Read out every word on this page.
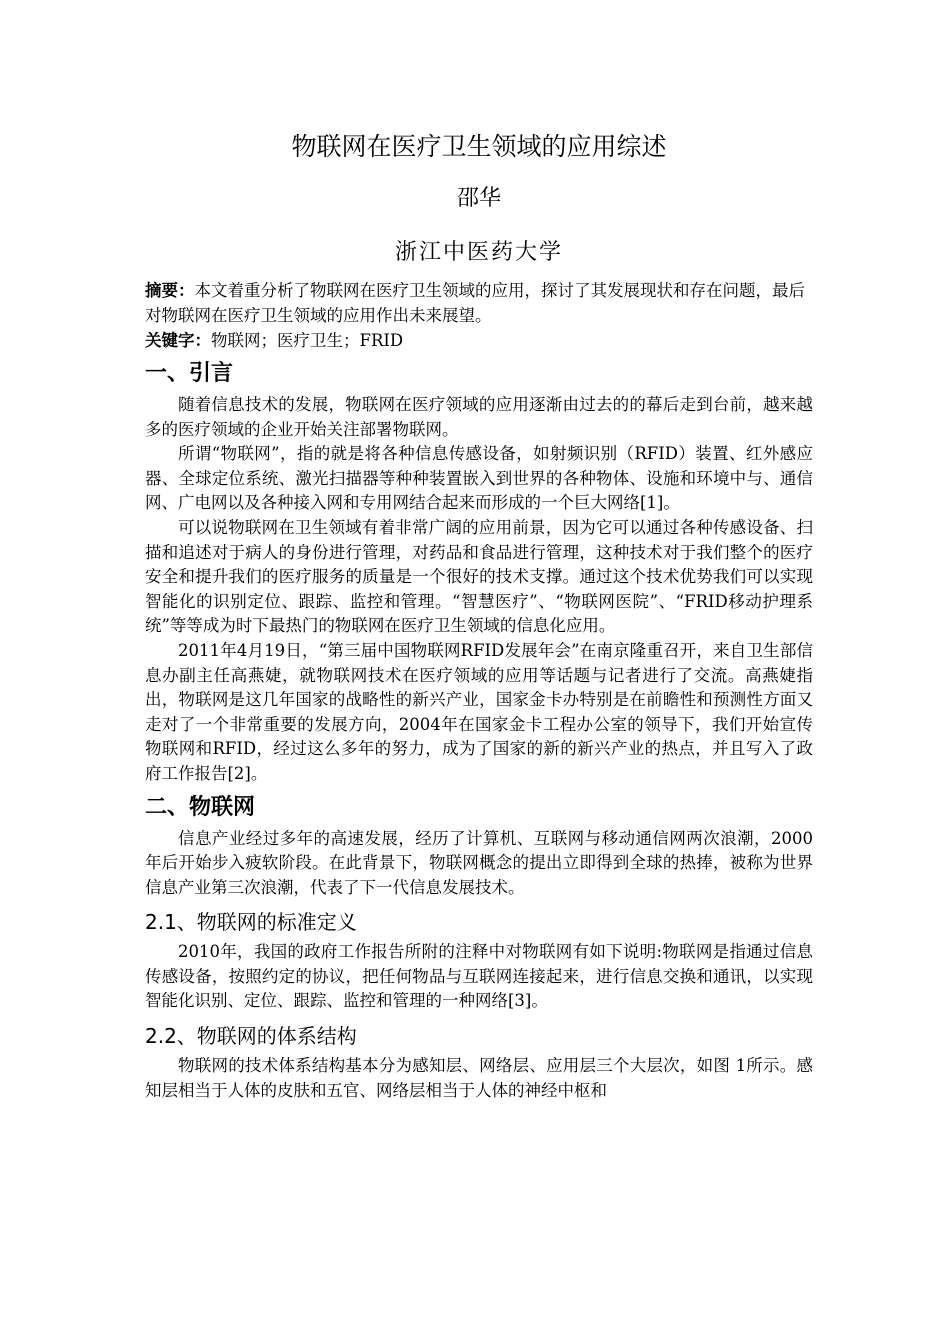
物联网在医疗卫生领域的应用综述
邵华
浙江中医药大学
摘要：本文着重分析了物联网在医疗卫生领域的应用，探讨了其发展现状和存在问题，最后对物联网在医疗卫生领域的应用作出未来展望。
关键字：物联网；医疗卫生；FRID
一、引言

随着信息技术的发展，物联网在医疗领域的应用逐渐由过去的的幕后走到台前，越来越多的医疗领域的企业开始关注部署物联网。

所谓“物联网”，指的就是将各种信息传感设备，如射频识别（RFID）装置、红外感应器、全球定位系统、激光扫描器等种种装置嵌入到世界的各种物体、设施和环境中与、通信网、广电网以及各种接入网和专用网结合起来而形成的一个巨大网络[1]。

可以说物联网在卫生领域有着非常广阔的应用前景，因为它可以通过各种传感设备、扫描和追述对于病人的身份进行管理，对药品和食品进行管理，这种技术对于我们整个的医疗安全和提升我们的医疗服务的质量是一个很好的技术支撑。通过这个技术优势我们可以实现智能化的识别定位、跟踪、监控和管理。“智慧医疗”、“物联网医院”、“FRID移动护理系统”等等成为时下最热门的物联网在医疗卫生领域的信息化应用。

2011年4月19日，“第三届中国物联网RFID发展年会”在南京隆重召开，来自卫生部信息办副主任高燕婕，就物联网技术在医疗领域的应用等话题与记者进行了交流。高燕婕指出，物联网是这几年国家的战略性的新兴产业，国家金卡办特别是在前瞻性和预测性方面又走对了一个非常重要的发展方向，2004年在国家金卡工程办公室的领导下，我们开始宣传物联网和RFID，经过这么多年的努力，成为了国家的新的新兴产业的热点，并且写入了政府工作报告[2]。

二、物联网

信息产业经过多年的高速发展，经历了计算机、互联网与移动通信网两次浪潮，2000年后开始步入疲软阶段。在此背景下，物联网概念的提出立即得到全球的热捧，被称为世界信息产业第三次浪潮，代表了下一代信息发展技术。

2.1、物联网的标准定义

2010年，我国的政府工作报告所附的注释中对物联网有如下说明:物联网是指通过信息传感设备，按照约定的协议，把任何物品与互联网连接起来，进行信息交换和通讯，以实现智能化识别、定位、跟踪、监控和管理的一种网络[3]。

2.2、物联网的体系结构

物联网的技术体系结构基本分为感知层、网络层、应用层三个大层次，如图 1所示。感知层相当于人体的皮肤和五官、网络层相当于人体的神经中枢和
